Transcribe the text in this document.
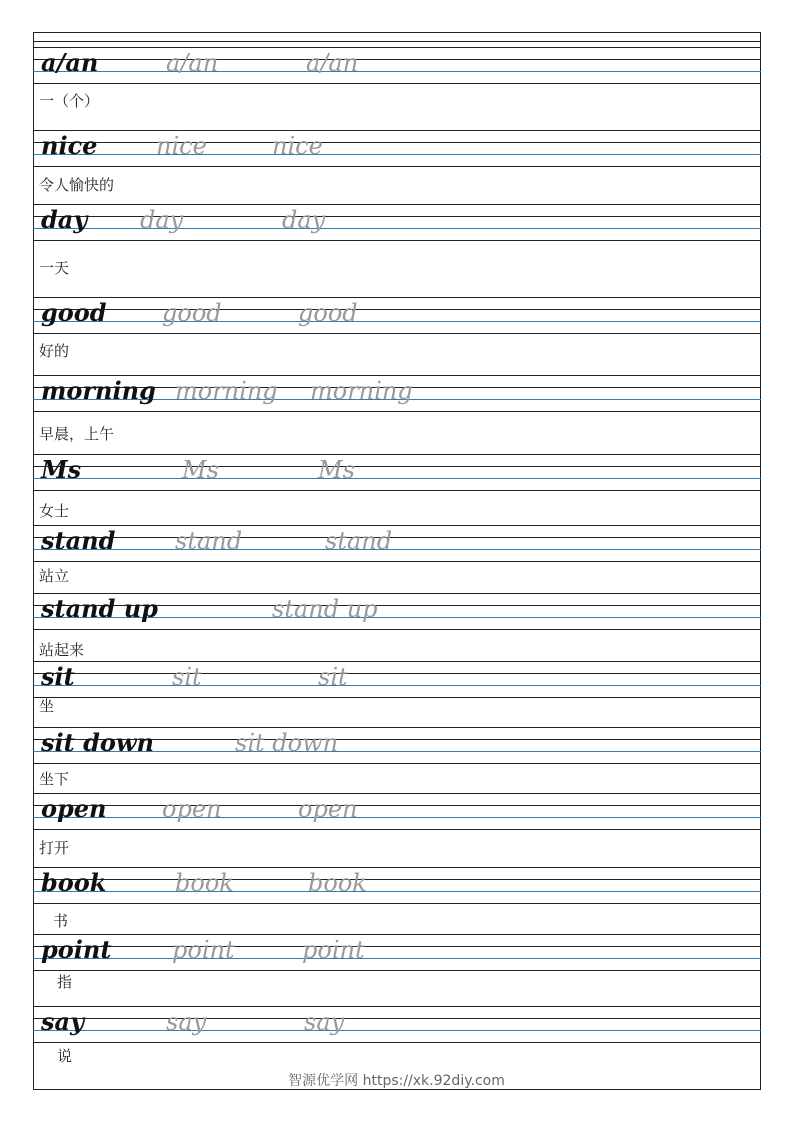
智源优学网 https://xk.92diy.com
a/an	a/an	a/an
一（个）
nice nice	nice
令人愉快的
day day	day
一天
good good	good
好的
morning morning morning
早晨，上午
Ms	Ms	Ms
女士
stand stand	stand
站立
stand up	stand up
站起来
sit	sit	sit
坐
sit down	sit down
坐下
open open	open
打开
book	book	book
书
point	point	point
指
say	say	say
说
